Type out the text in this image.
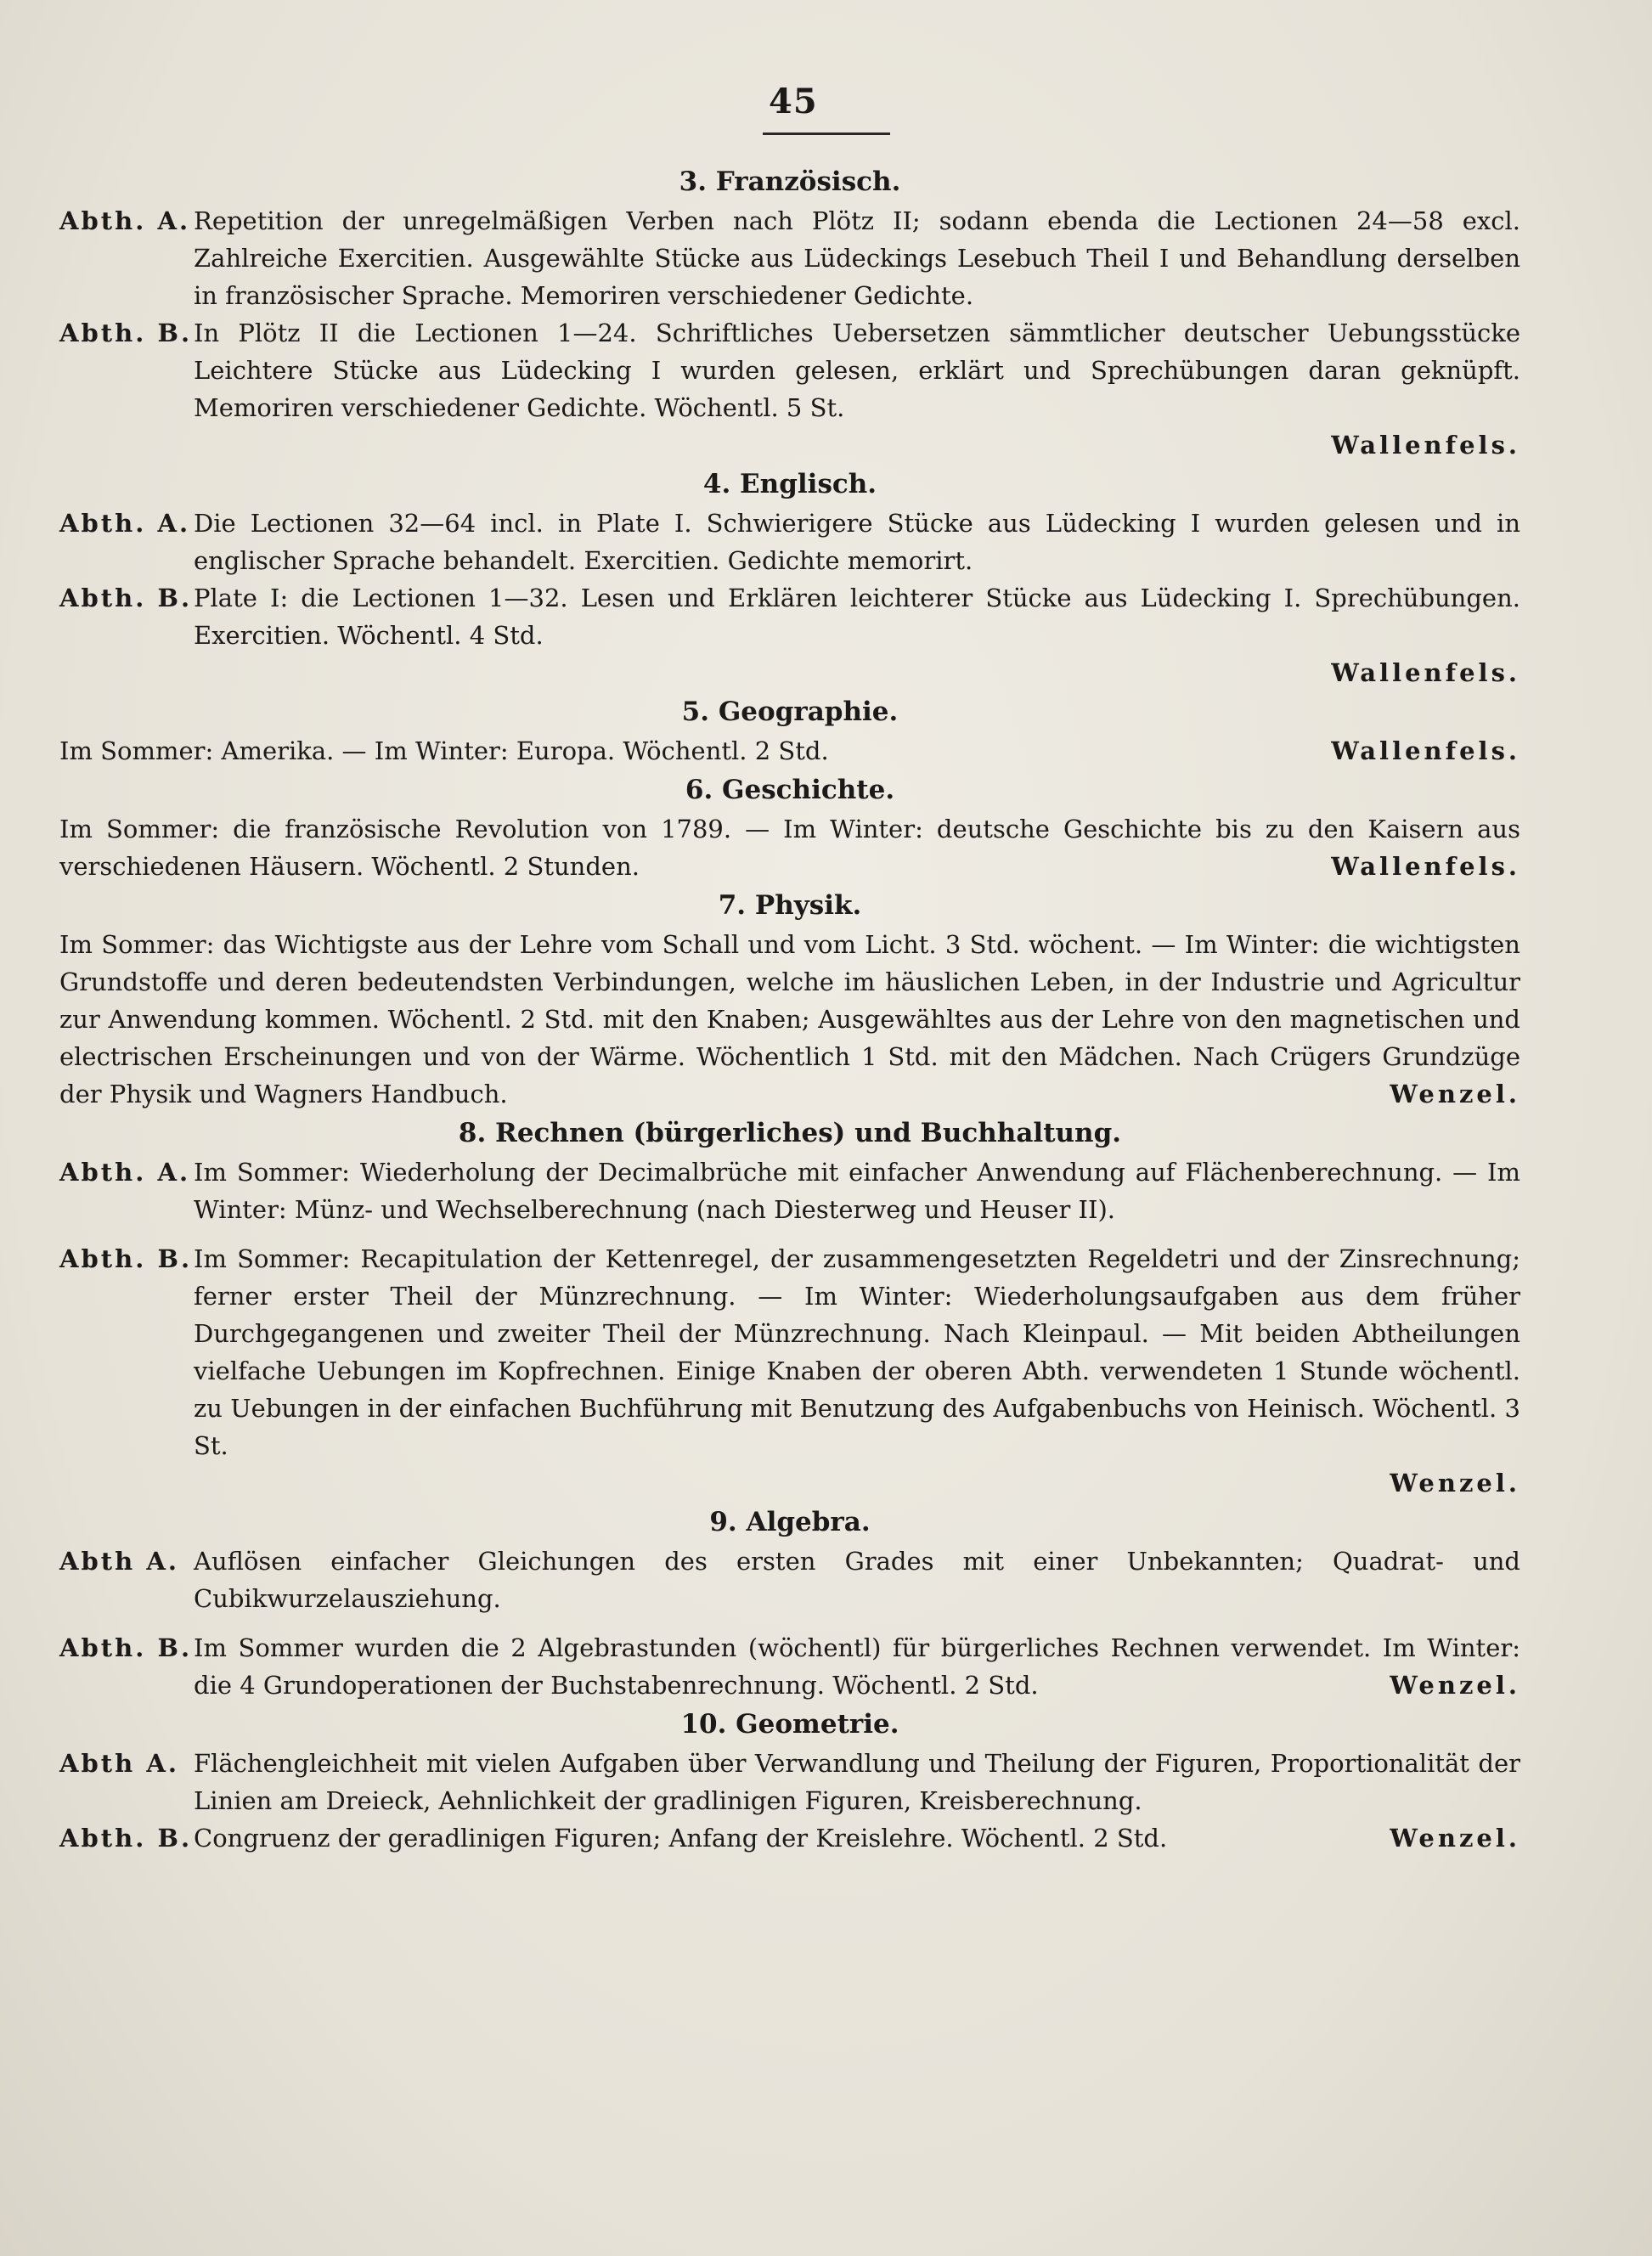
45
3. Französisch.
Abth. A. Repetition der unregelmäßigen Verben nach Plötz II; sodann ebenda die Lectionen 24—58 excl. Zahlreiche Exercitien. Ausgewählte Stücke aus Lüdeckings Lesebuch Theil I und Behandlung derselben in französischer Sprache. Memoriren verschiedener Gedichte.
Abth. B. In Plötz II die Lectionen 1—24. Schriftliches Uebersetzen sämmtlicher deutscher Uebungsstücke Leichtere Stücke aus Lüdecking I wurden gelesen, erklärt und Sprechübungen daran geknüpft. Memoriren verschiedener Gedichte. Wöchentl. 5 St.
Wallenfels.
4. Englisch.
Abth. A. Die Lectionen 32—64 incl. in Plate I. Schwierigere Stücke aus Lüdecking I wurden gelesen und in englischer Sprache behandelt. Exercitien. Gedichte memorirt.
Abth. B. Plate I: die Lectionen 1—32. Lesen und Erklären leichterer Stücke aus Lüdecking I. Sprechübungen. Exercitien. Wöchentl. 4 Std.
Wallenfels.
5. Geographie.
Wallenfels.
Im Sommer: Amerika. — Im Winter: Europa. Wöchentl. 2 Std.
6. Geschichte.
Im Sommer: die französische Revolution von 1789. — Im Winter: deutsche Geschichte bis zu den Kaisern aus verschiedenen Häusern. Wöchentl. 2 Stunden.	Wallenfels.
7. Physik.
Im Sommer: das Wichtigste aus der Lehre vom Schall und vom Licht. 3 Std. wöchent. — Im Winter: die wichtigsten Grundstoffe und deren bedeutendsten Verbindungen, welche im häuslichen Leben, in der Industrie und Agricultur zur Anwendung kommen. Wöchentl. 2 Std. mit den Knaben; Ausgewähltes aus der Lehre von den magnetischen und electrischen Erscheinungen und von der Wärme. Wöchentlich 1 Std. mit den Mädchen. Nach Crügers Grundzüge der Physik und Wagners Handbuch.	Wenzel.
8. Rechnen (bürgerliches) und Buchhaltung.
Abth. A. Im Sommer: Wiederholung der Decimalbrüche mit einfacher Anwendung auf Flächenberechnung. — Im Winter: Münz- und Wechselberechnung (nach Diesterweg und Heuser II).
Abth. B. Im Sommer: Recapitulation der Kettenregel, der zusammengesetzten Regeldetri und der Zinsrechnung; ferner erster Theil der Münzrechnung. — Im Winter: Wiederholungsaufgaben aus dem früher Durchgegangenen und zweiter Theil der Münzrechnung. Nach Kleinpaul. — Mit beiden Abtheilungen vielfache Uebungen im Kopfrechnen. Einige Knaben der oberen Abth. verwendeten 1 Stunde wöchentl. zu Uebungen in der einfachen Buchführung mit Benutzung des Aufgabenbuchs von Heinisch. Wöchentl. 3 St.
Wenzel.
9. Algebra.
Abth A. Auflösen einfacher Gleichungen des ersten Grades mit einer Unbekannten; Quadrat- und Cubikwurzelausziehung.
Abth. B. Im Sommer wurden die 2 Algebrastunden (wöchentl) für bürgerliches Rechnen verwendet. Im Winter: die 4 Grundoperationen der Buchstabenrechnung. Wöchentl. 2 Std.	Wenzel.
10. Geometrie.
Abth A. Flächengleichheit mit vielen Aufgaben über Verwandlung und Theilung der Figuren, Proportionalität der Linien am Dreieck, Aehnlichkeit der gradlinigen Figuren, Kreisberechnung.
Abth. B.	Wenzel.
Congruenz der geradlinigen Figuren; Anfang der Kreislehre. Wöchentl. 2 Std.
